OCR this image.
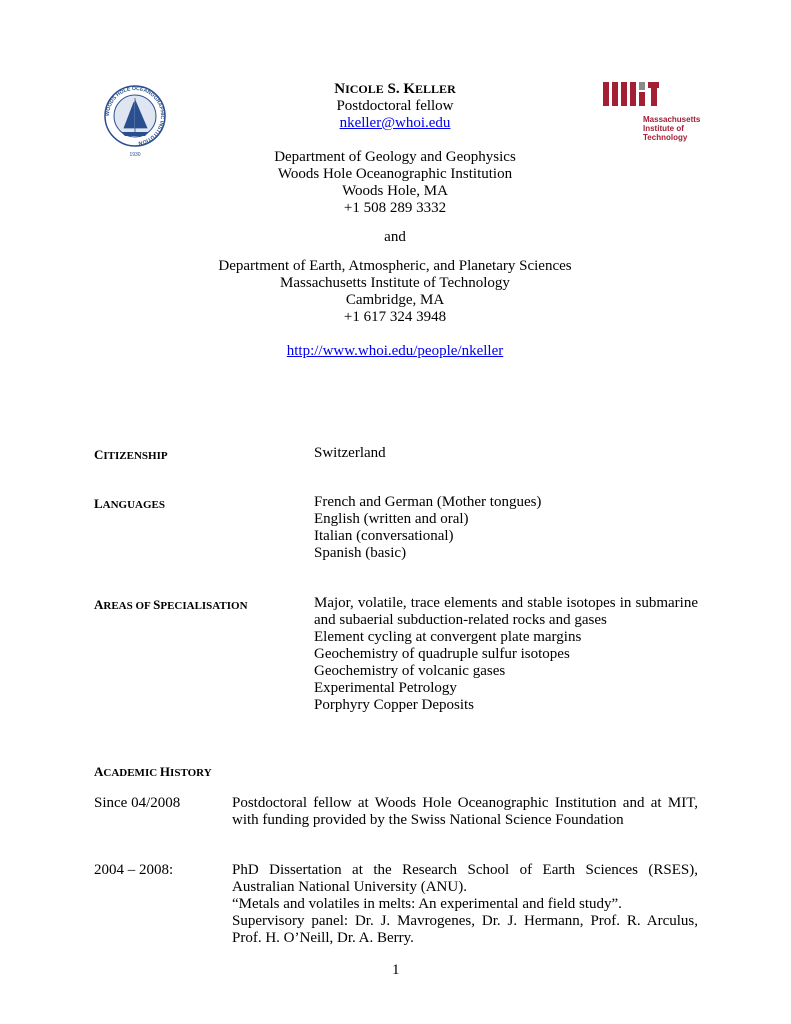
WOODS HOLE OCEANOGRAPHIC INSTITUTION
1930
Massachusetts
Institute of
Technology
NICOLE S. KELLER
Postdoctoral fellow
nkeller@whoi.edu
Department of Geology and Geophysics
Woods Hole Oceanographic Institution
Woods Hole, MA
+1 508 289 3332
and
Department of Earth, Atmospheric, and Planetary Sciences
Massachusetts Institute of Technology
Cambridge, MA
+1 617 324 3948
http://www.whoi.edu/people/nkeller
CITIZENSHIP	Switzerland
LANGUAGES	French and German (Mother tongues)
English (written and oral)
Italian (conversational)
Spanish (basic)
AREAS OF SPECIALISATION	Major, volatile, trace elements and stable isotopes in submarine and subaerial subduction-related rocks and gases
Element cycling at convergent plate margins
Geochemistry of quadruple sulfur isotopes
Geochemistry of volcanic gases
Experimental Petrology
Porphyry Copper Deposits
ACADEMIC HISTORY
Since 04/2008	Postdoctoral fellow at Woods Hole Oceanographic Institution and at MIT, with funding provided by the Swiss National Science Foundation
2004 – 2008:	PhD Dissertation at the Research School of Earth Sciences (RSES), Australian National University (ANU).
“Metals and volatiles in melts: An experimental and field study”.
Supervisory panel: Dr. J. Mavrogenes, Dr. J. Hermann, Prof. R. Arculus, Prof. H. O’Neill, Dr. A. Berry.
1
